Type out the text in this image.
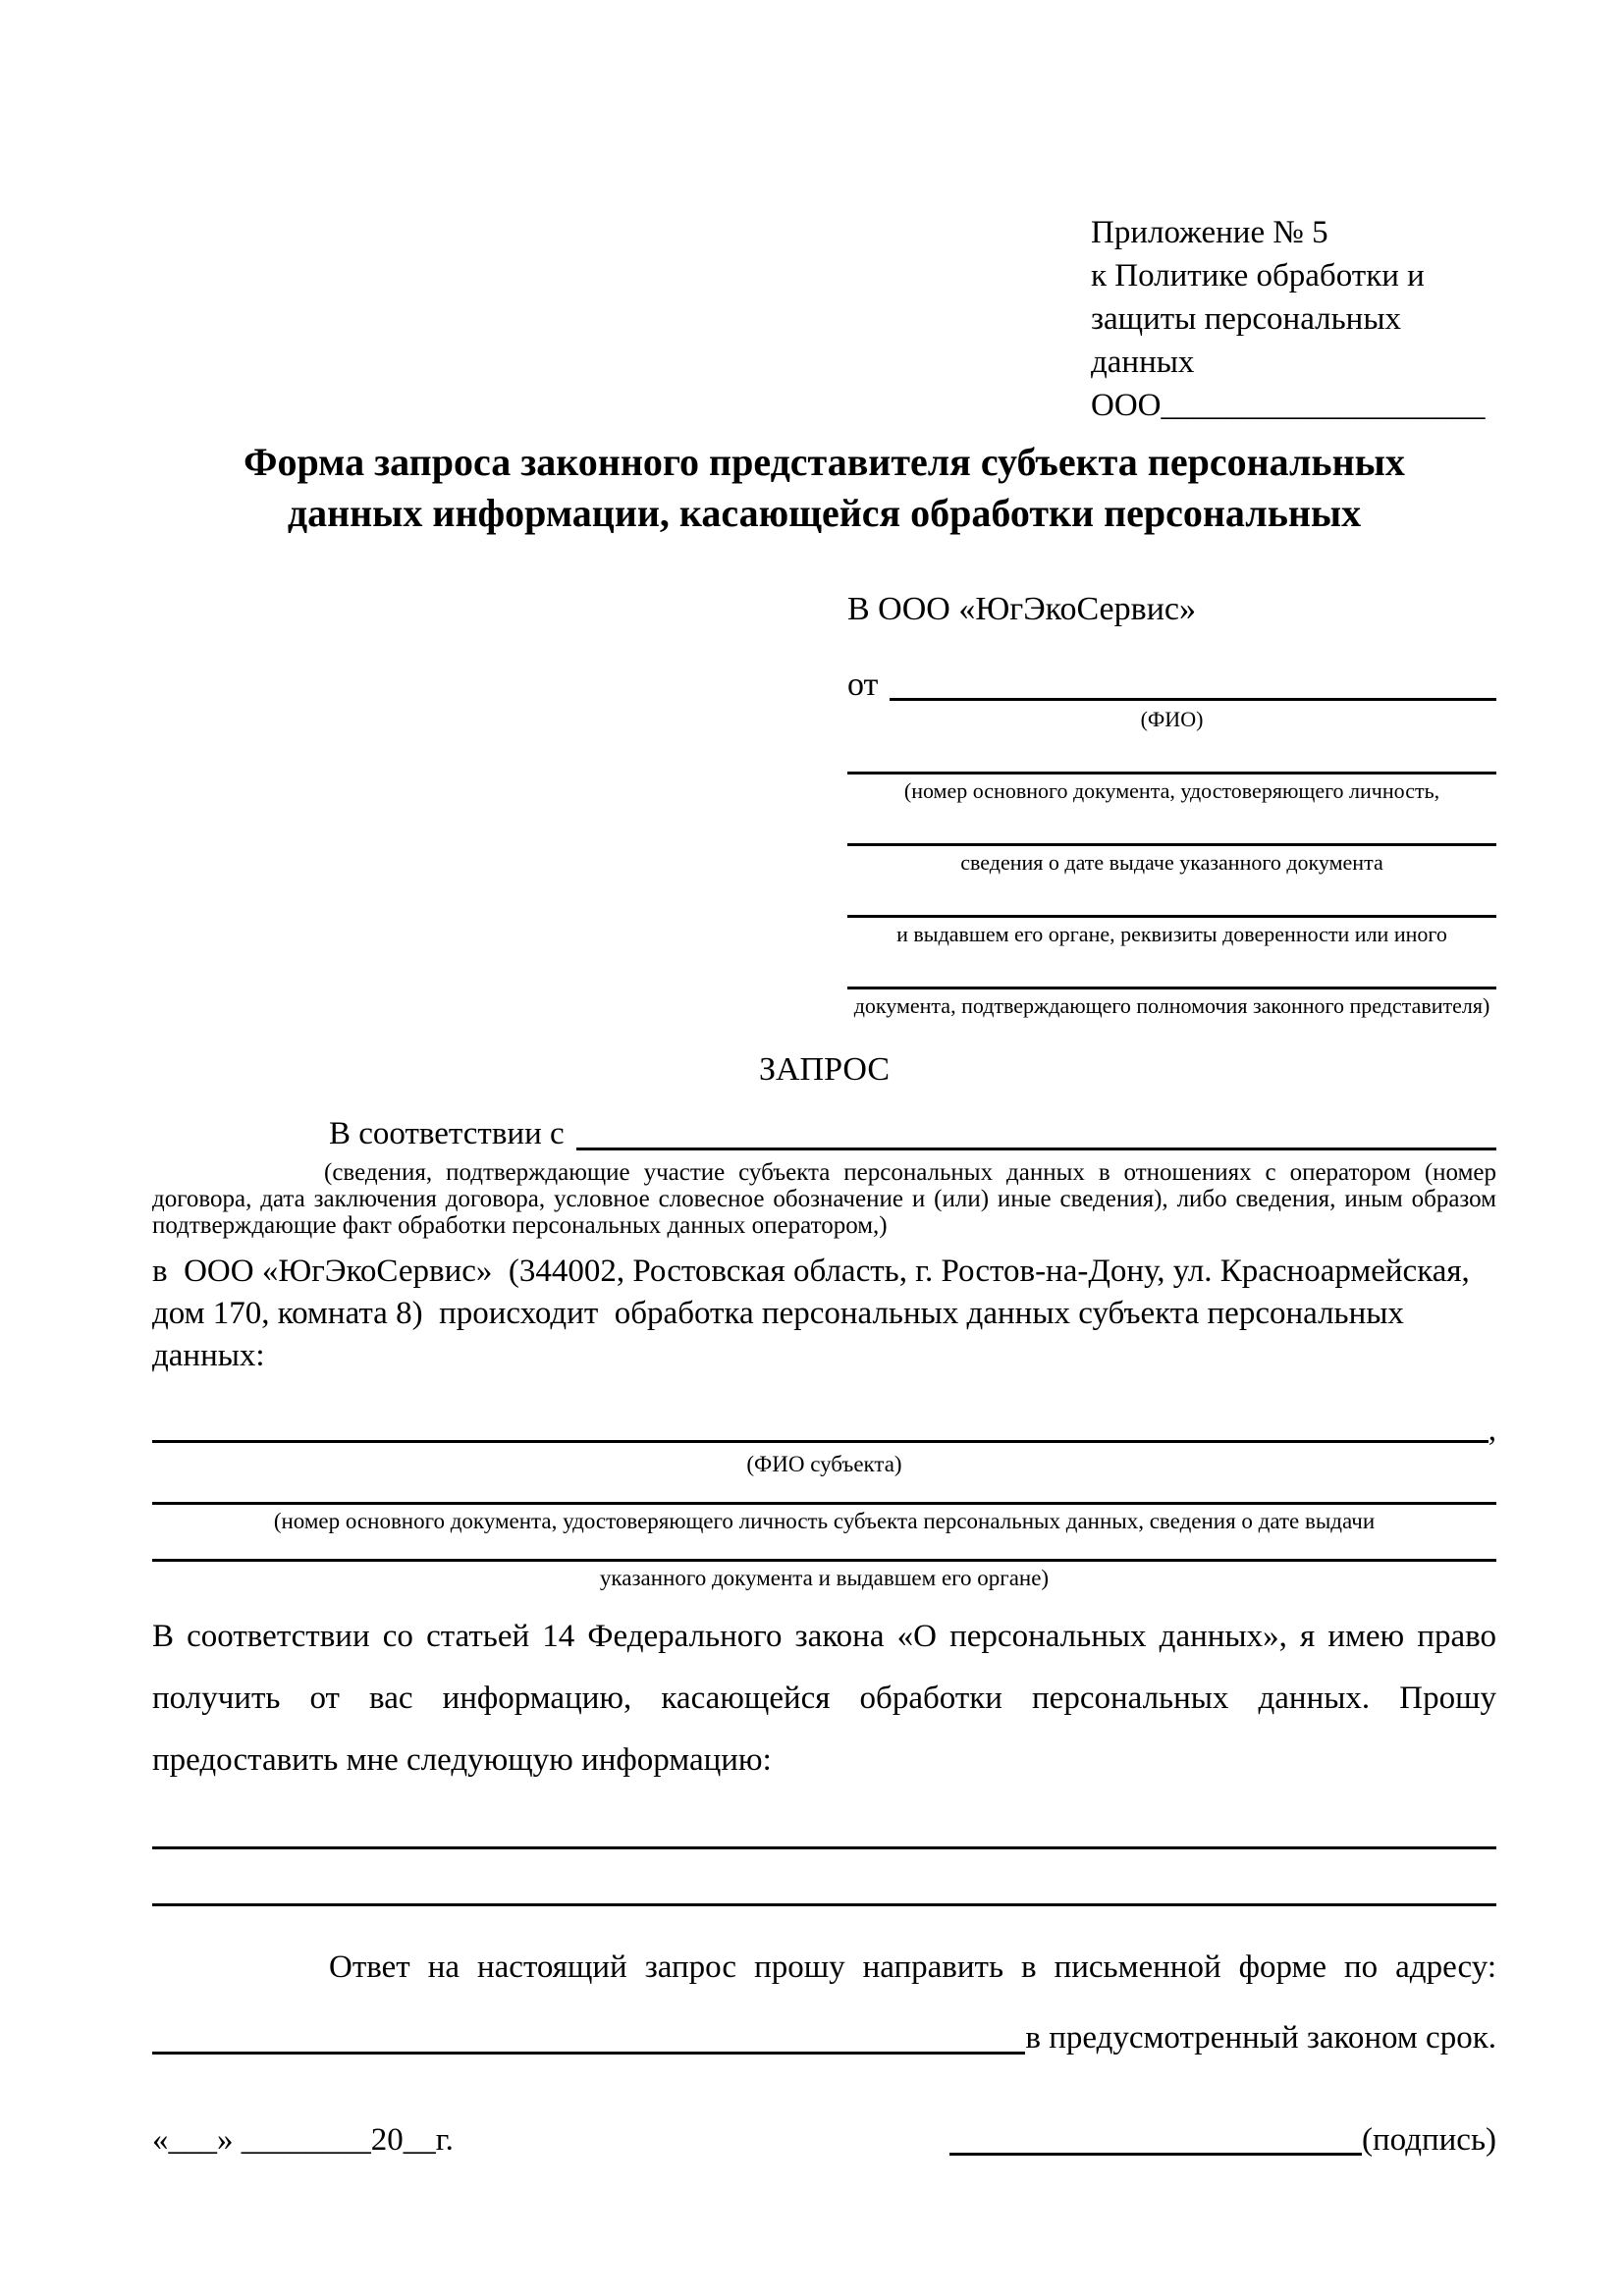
Приложение № 5
к Политике обработки и
защиты персональных данных
ООО____________________
Форма запроса законного представителя субъекта персональных
данных информации, касающейся обработки персональных
В ООО «ЮгЭкоСервис»
от
(ФИО)
(номер основного документа, удостоверяющего личность,
сведения о дате выдаче указанного документа
и выдавшем его органе, реквизиты доверенности или иного
документа, подтверждающего полномочия законного представителя)
ЗАПРОС
В соответствии с
(сведения, подтверждающие участие субъекта персональных данных в отношениях с оператором (номер договора, дата заключения договора, условное словесное обозначение и (или) иные сведения), либо сведения, иным образом подтверждающие факт обработки персональных данных оператором,)
в  ООО «ЮгЭкоСервис»  (344002, Ростовская область, г. Ростов-на-Дону, ул. Красноармейская, дом 170, комната 8)  происходит  обработка персональных данных субъекта персональных данных:
,
(ФИО субъекта)
(номер основного документа, удостоверяющего личность субъекта персональных данных, сведения о дате выдачи
указанного документа и выдавшем его органе)
В соответствии со статьей 14 Федерального закона «О персональных данных», я имею право получить от вас информацию, касающейся обработки персональных данных. Прошу предоставить мне следующую информацию:
Ответ на настоящий запрос прошу направить в письменной форме по адресу:
в предусмотренный законом срок.
«___» ________20__г.	(подпись)
